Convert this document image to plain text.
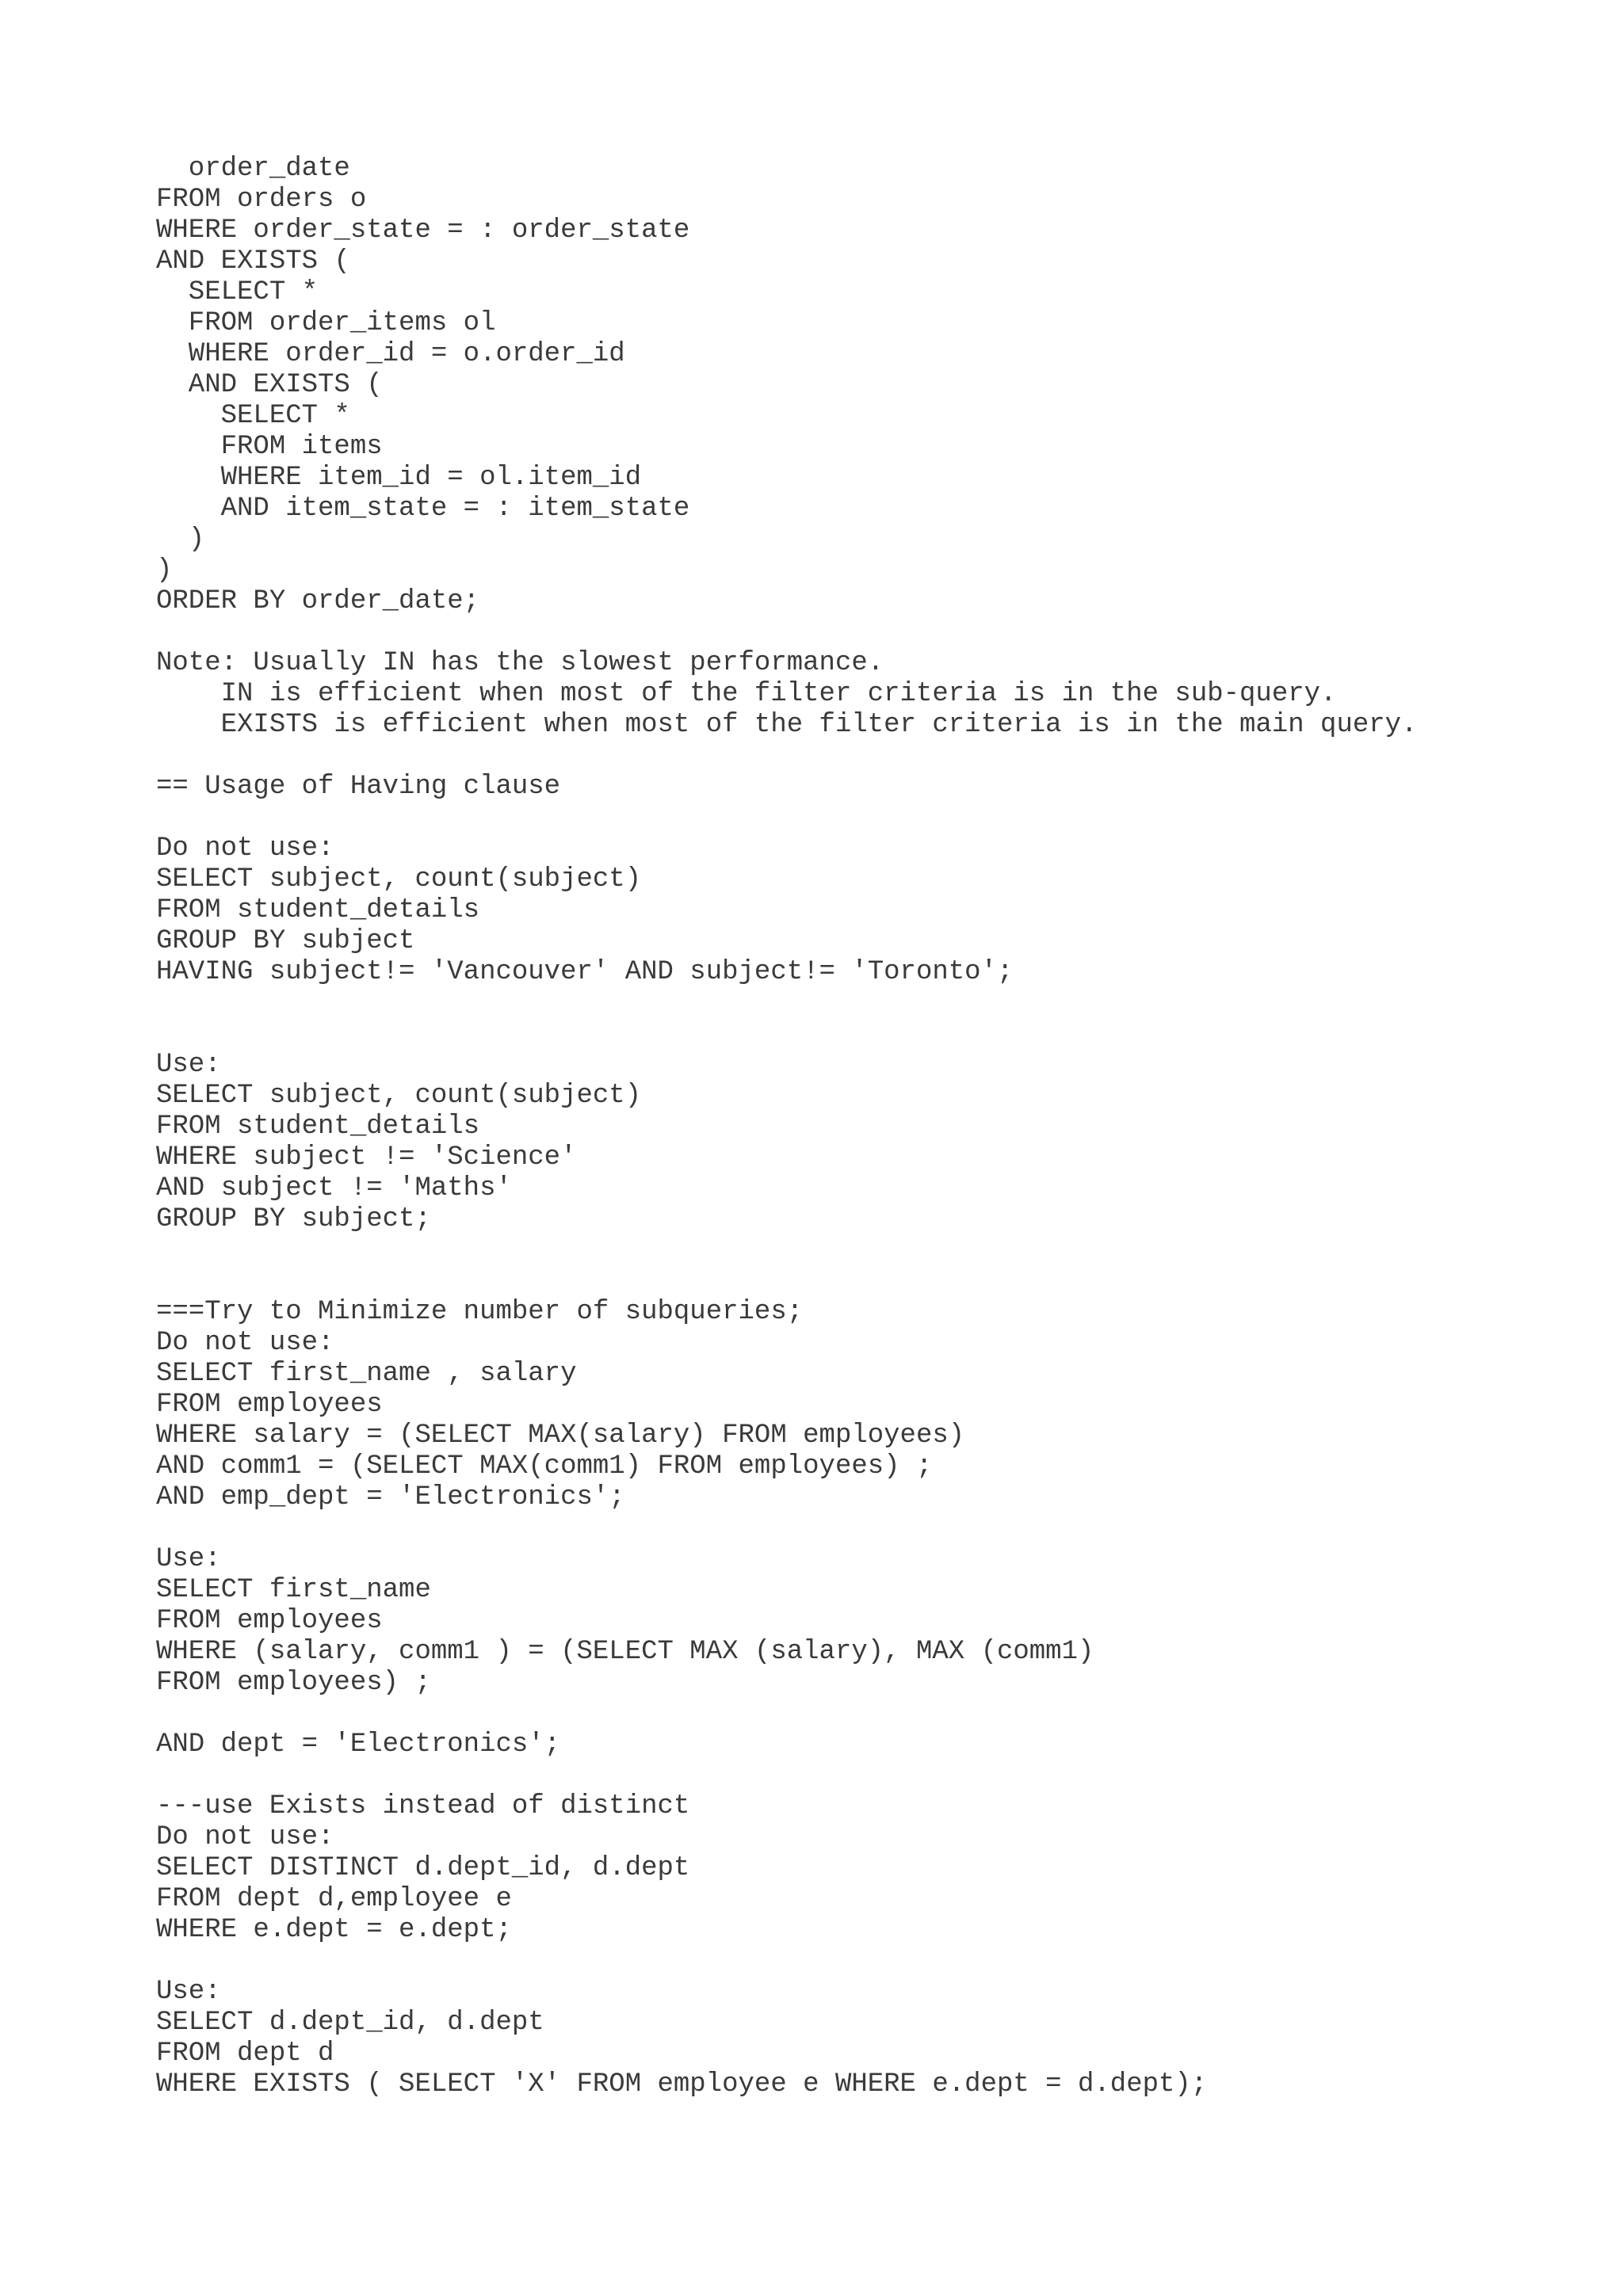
order_date
FROM orders o
WHERE order_state = : order_state
AND EXISTS (
SELECT *
FROM order_items ol
WHERE order_id = o.order_id
AND EXISTS (
SELECT *
FROM items
WHERE item_id = ol.item_id
AND item_state = : item_state
)
)
ORDER BY order_date;
Note: Usually IN has the slowest performance.
IN is efficient when most of the filter criteria is in the sub-query.
EXISTS is efficient when most of the filter criteria is in the main query.
== Usage of Having clause
Do not use:
SELECT subject, count(subject)
FROM student_details
GROUP BY subject
HAVING subject!= 'Vancouver' AND subject!= 'Toronto';
Use:
SELECT subject, count(subject)
FROM student_details
WHERE subject != 'Science'
AND subject != 'Maths'
GROUP BY subject;
===Try to Minimize number of subqueries;
Do not use:
SELECT first_name , salary
FROM employees
WHERE salary = (SELECT MAX(salary) FROM employees)
AND comm1 = (SELECT MAX(comm1) FROM employees) ;
AND emp_dept = 'Electronics';
Use:
SELECT first_name
FROM employees
WHERE (salary, comm1 ) = (SELECT MAX (salary), MAX (comm1)
FROM employees) ;
AND dept = 'Electronics';
---use Exists instead of distinct
Do not use:
SELECT DISTINCT d.dept_id, d.dept
FROM dept d,employee e
WHERE e.dept = e.dept;
Use:
SELECT d.dept_id, d.dept
FROM dept d
WHERE EXISTS ( SELECT 'X' FROM employee e WHERE e.dept = d.dept);
